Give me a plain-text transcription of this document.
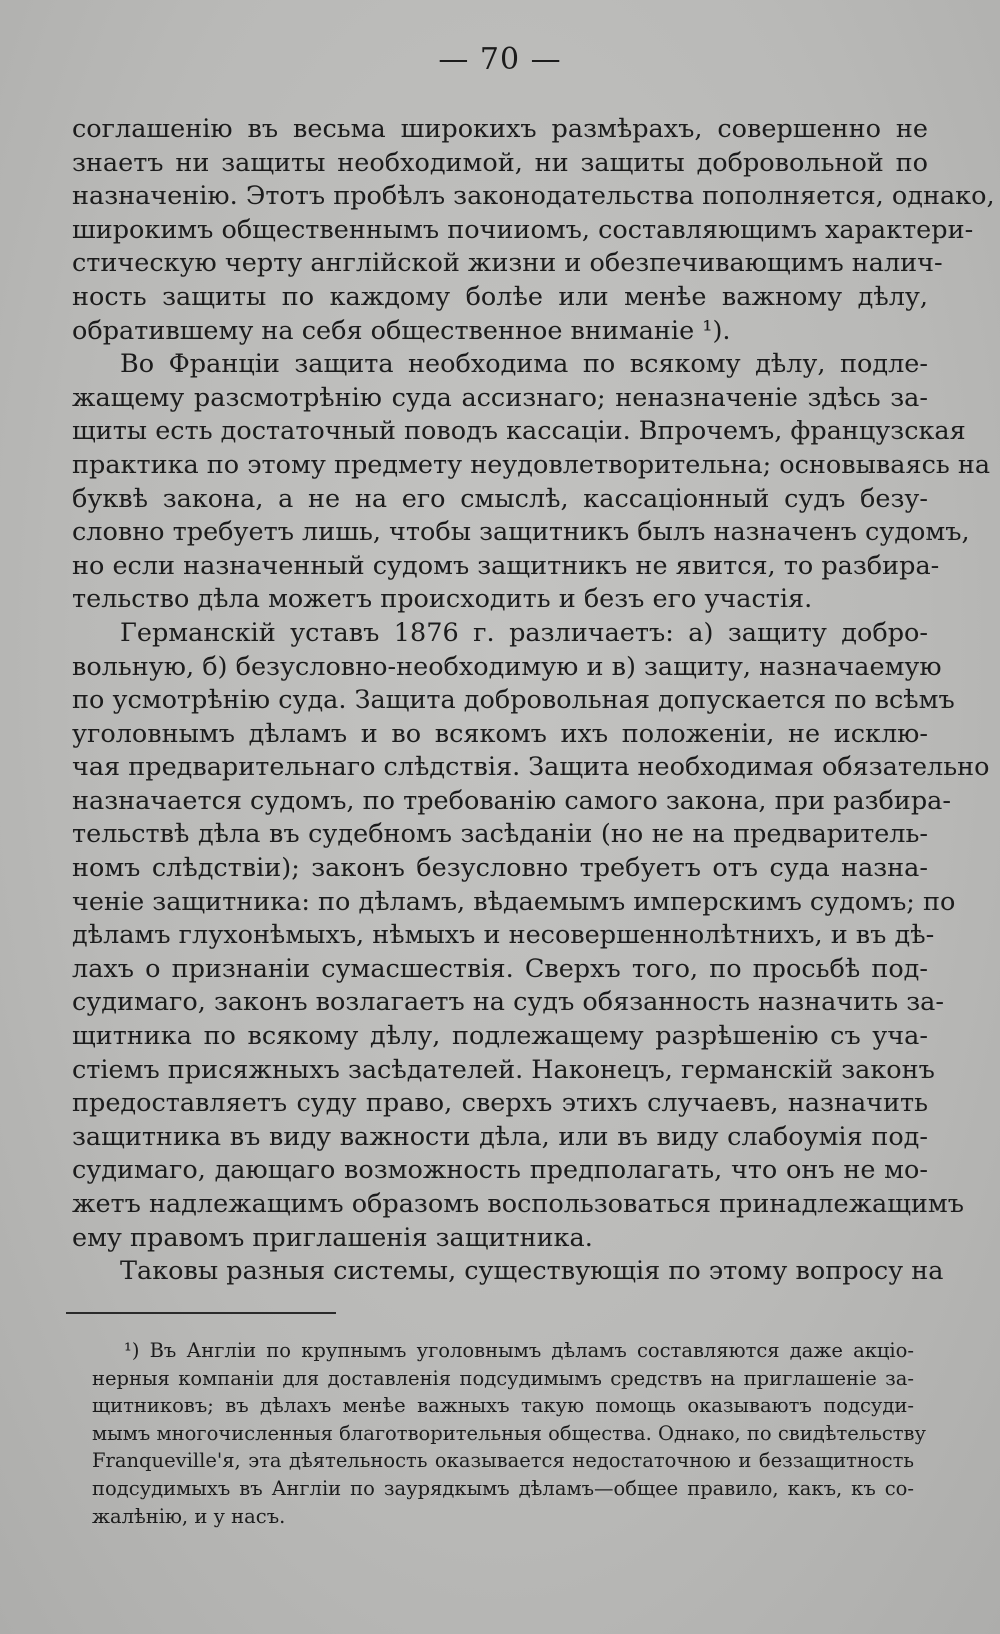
— 70 —
соглашенію въ весьма широкихъ размѣрахъ, совершенно не
знаетъ ни защиты необходимой, ни защиты добровольной по
назначенію. Этотъ пробѣлъ законодательства пополняется, однако,
широкимъ общественнымъ почииомъ, составляющимъ характери-
стическую черту англійской жизни и обезпечивающимъ налич-
ность защиты по каждому болѣе или менѣе важному дѣлу,
обратившему на себя общественное вниманіе ¹).
Во Франціи защита необходима по всякому дѣлу, подле-
жащему разсмотрѣнію суда ассизнаго; неназначеніе здѣсь за-
щиты есть достаточный поводъ кассаціи. Впрочемъ, французская
практика по этому предмету неудовлетворительна; основываясь на
буквѣ закона, а не на его смыслѣ, кассаціонный судъ безу-
словно требуетъ лишь, чтобы защитникъ былъ назначенъ судомъ,
но если назначенный судомъ защитникъ не явится, то разбира-
тельство дѣла можетъ происходить и безъ его участія.
Германскій уставъ 1876 г. различаетъ: а) защиту добро-
вольную, б) безусловно-необходимую и в) защиту, назначаемую
по усмотрѣнію суда. Защита добровольная допускается по всѣмъ
уголовнымъ дѣламъ и во всякомъ ихъ положеніи, не исклю-
чая предварительнаго слѣдствія. Защита необходимая обязательно
назначается судомъ, по требованію самого закона, при разбира-
тельствѣ дѣла въ судебномъ засѣданіи (но не на предваритель-
номъ слѣдствіи); законъ безусловно требуетъ отъ суда назна-
ченіе защитника: по дѣламъ, вѣдаемымъ имперскимъ судомъ; по
дѣламъ глухонѣмыхъ, нѣмыхъ и несовершеннолѣтнихъ, и въ дѣ-
лахъ о признаніи сумасшествія. Сверхъ того, по просьбѣ под-
судимаго, законъ возлагаетъ на судъ обязанность назначить за-
щитника по всякому дѣлу, подлежащему разрѣшенію съ уча-
стіемъ присяжныхъ засѣдателей. Наконецъ, германскій законъ
предоставляетъ суду право, сверхъ этихъ случаевъ, назначить
защитника въ виду важности дѣла, или въ виду слабоумія под-
судимаго, дающаго возможность предполагать, что онъ не мо-
жетъ надлежащимъ образомъ воспользоваться принадлежащимъ
ему правомъ приглашенія защитника.
Таковы разныя системы, существующія по этому вопросу на
¹) Въ Англіи по крупнымъ уголовнымъ дѣламъ составляются даже акціо-
нерныя компаніи для доставленія подсудимымъ средствъ на приглашеніе за-
щитниковъ; въ дѣлахъ менѣе важныхъ такую помощь оказываютъ подсуди-
мымъ многочисленныя благотворительныя общества. Однако, по свидѣтельству
Franqueville'я, эта дѣятельность оказывается недостаточною и беззащитность
подсудимыхъ въ Англіи по заурядкымъ дѣламъ—общее правило, какъ, къ со-
жалѣнію, и у насъ.
